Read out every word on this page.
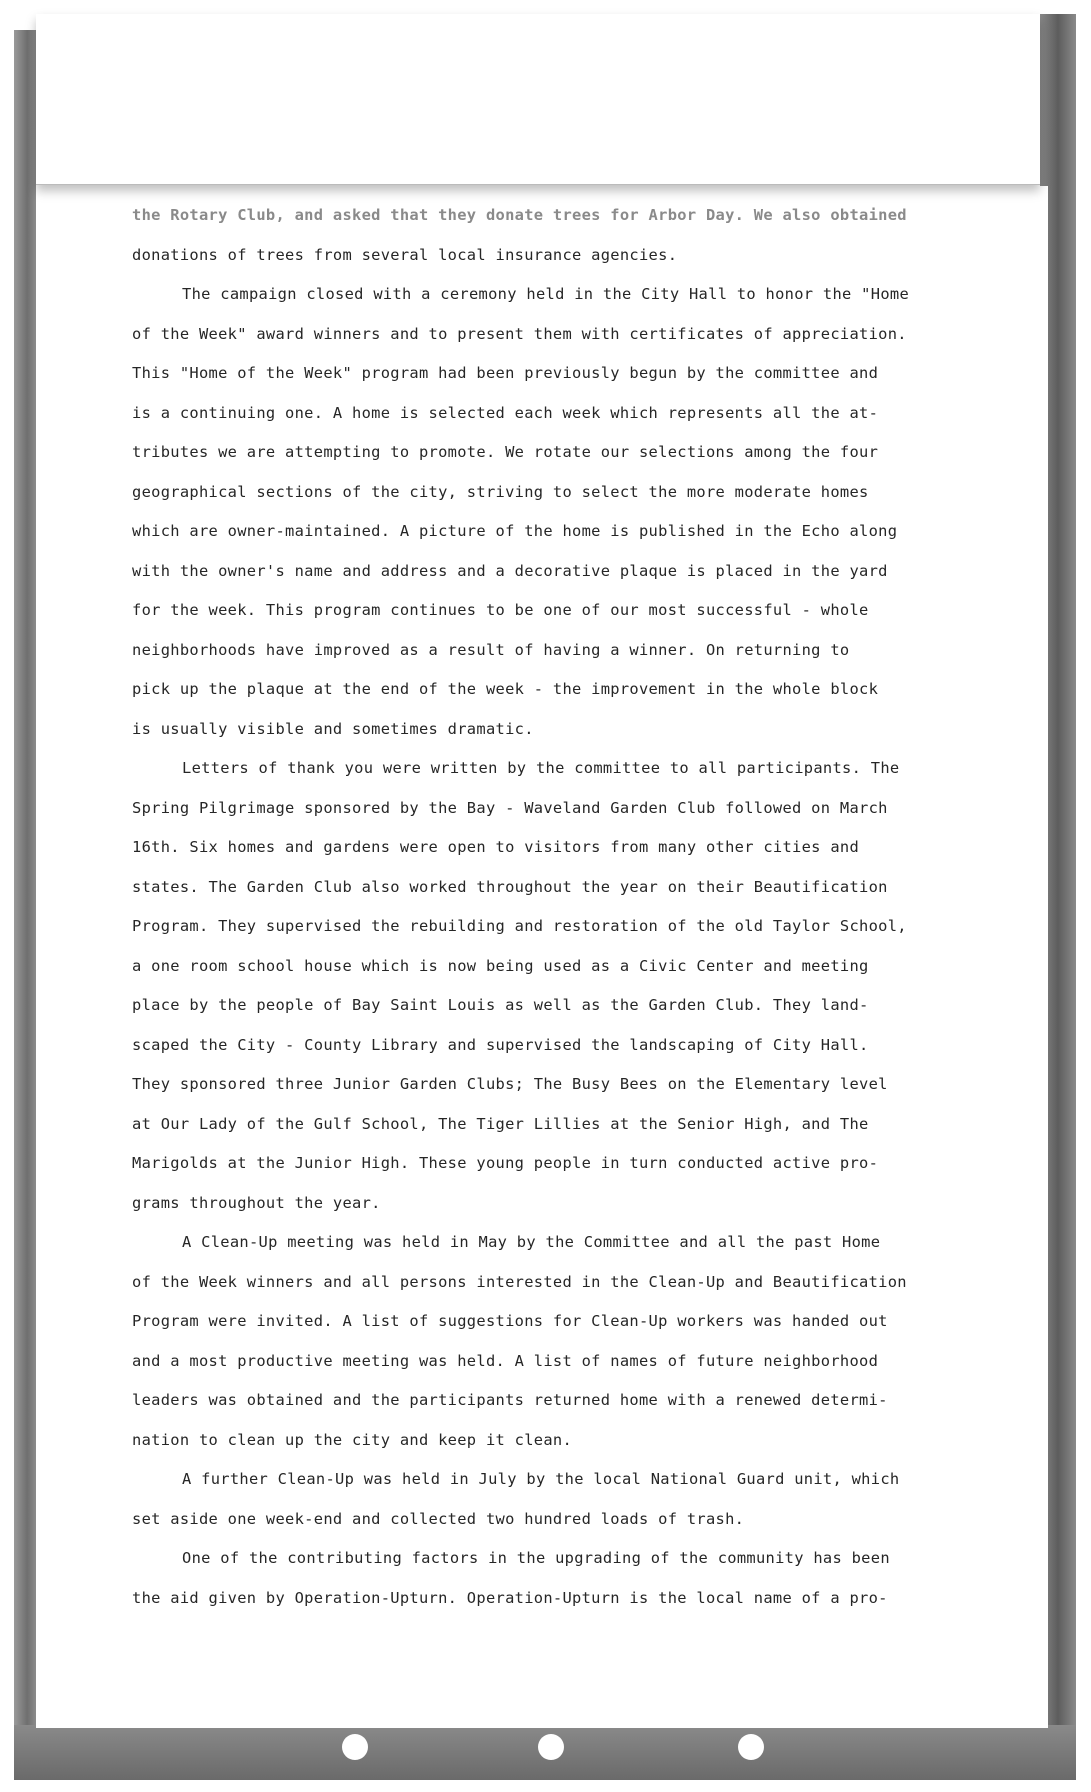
the Rotary Club, and asked that they donate trees for Arbor Day. We also obtained
donations of trees from several local insurance agencies.
The campaign closed with a ceremony held in the City Hall to honor the "Home
of the Week" award winners and to present them with certificates of appreciation.
This "Home of the Week" program had been previously begun by the committee and
is a continuing one. A home is selected each week which represents all the at-
tributes we are attempting to promote. We rotate our selections among the four
geographical sections of the city, striving to select the more moderate homes
which are owner-maintained. A picture of the home is published in the Echo along
with the owner's name and address and a decorative plaque is placed in the yard
for the week. This program continues to be one of our most successful - whole
neighborhoods have improved as a result of having a winner. On returning to
pick up the plaque at the end of the week - the improvement in the whole block
is usually visible and sometimes dramatic.
Letters of thank you were written by the committee to all participants. The
Spring Pilgrimage sponsored by the Bay - Waveland Garden Club followed on March
16th. Six homes and gardens were open to visitors from many other cities and
states. The Garden Club also worked throughout the year on their Beautification
Program. They supervised the rebuilding and restoration of the old Taylor School,
a one room school house which is now being used as a Civic Center and meeting
place by the people of Bay Saint Louis as well as the Garden Club. They land-
scaped the City - County Library and supervised the landscaping of City Hall.
They sponsored three Junior Garden Clubs; The Busy Bees on the Elementary level
at Our Lady of the Gulf School, The Tiger Lillies at the Senior High, and The
Marigolds at the Junior High. These young people in turn conducted active pro-
grams throughout the year.
A Clean-Up meeting was held in May by the Committee and all the past Home
of the Week winners and all persons interested in the Clean-Up and Beautification
Program were invited. A list of suggestions for Clean-Up workers was handed out
and a most productive meeting was held. A list of names of future neighborhood
leaders was obtained and the participants returned home with a renewed determi-
nation to clean up the city and keep it clean.
A further Clean-Up was held in July by the local National Guard unit, which
set aside one week-end and collected two hundred loads of trash.
One of the contributing factors in the upgrading of the community has been
the aid given by Operation-Upturn. Operation-Upturn is the local name of a pro-
